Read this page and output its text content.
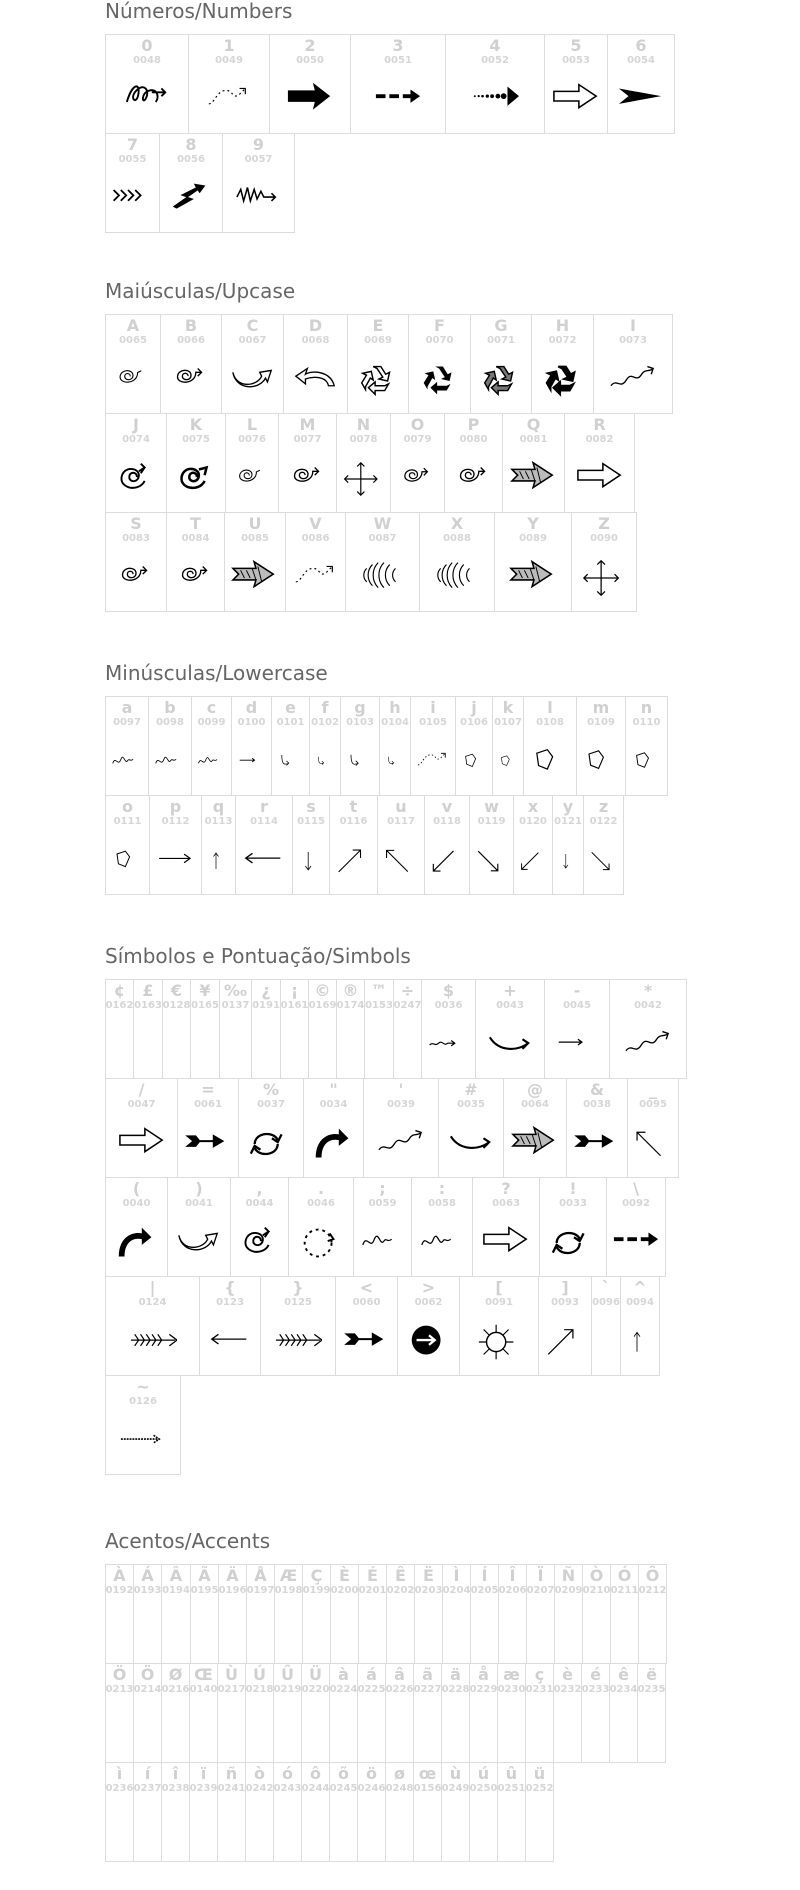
Números/Numbers
0
0048
1
0049
2
0050
3
0051
4
0052
5
0053
6
0054
7
0055
8
0056
9
0057
Maiúsculas/Upcase
A
0065
B
0066
C
0067
D
0068
E
0069
F
0070
G
0071
H
0072
I
0073
J
0074
K
0075
L
0076
M
0077
N
0078
O
0079
P
0080
Q
0081
R
0082
S
0083
T
0084
U
0085
V
0086
W
0087
X
0088
Y
0089
Z
0090
Minúsculas/Lowercase
a
0097
b
0098
c
0099
d
0100
e
0101
f
0102
g
0103
h
0104
i
0105
j
0106
k
0107
l
0108
m
0109
n
0110
o
0111
p
0112
q
0113
r
0114
s
0115
t
0116
u
0117
v
0118
w
0119
x
0120
y
0121
z
0122
Símbolos e Pontuação/Simbols
¢
0162
£
0163
€
0128
¥
0165
‰
0137
¿
0191
¡
0161
©
0169
®
0174
™
0153
÷
0247
$
0036
+
0043
-
0045
*
0042
/
0047
=
0061
%
0037
"
0034
'
0039
#
0035
@
0064
&
0038
_
0095
(
0040
)
0041
,
0044
.
0046
;
0059
:
0058
?
0063
!
0033
\
0092
|
0124
{
0123
}
0125
<
0060
>
0062
[
0091
]
0093
`
0096
^
0094
~
0126
Acentos/Accents
À
0192
Á
0193
Â
0194
Ã
0195
Ä
0196
Å
0197
Æ
0198
Ç
0199
È
0200
É
0201
Ê
0202
Ë
0203
Ì
0204
Í
0205
Î
0206
Ï
0207
Ñ
0209
Ò
0210
Ó
0211
Ô
0212
Ö
0213
Ö
0214
Ø
0216
Œ
0140
Ù
0217
Ú
0218
Û
0219
Ü
0220
à
0224
á
0225
â
0226
ã
0227
ä
0228
å
0229
æ
0230
ç
0231
è
0232
é
0233
ê
0234
ë
0235
ì
0236
í
0237
î
0238
ï
0239
ñ
0241
ò
0242
ó
0243
ô
0244
õ
0245
ö
0246
ø
0248
œ
0156
ù
0249
ú
0250
û
0251
ü
0252
